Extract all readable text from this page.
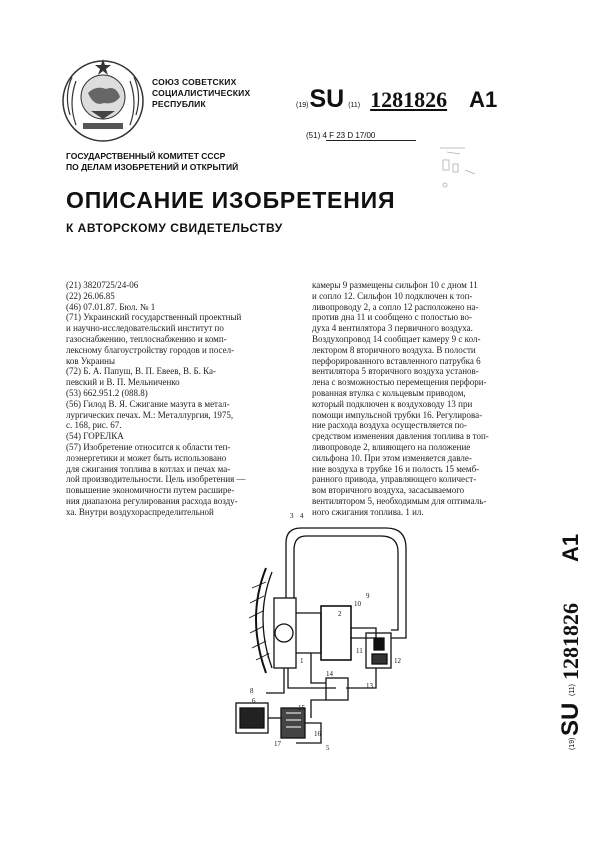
СОЮЗ СОВЕТСКИХ
СОЦИАЛИСТИЧЕСКИХ
РЕСПУБЛИК	(19) SU (11) 1281826 A1
(51) 4 F 23 D 17/00
ГОСУДАРСТВЕННЫЙ КОМИТЕТ СССР
ПО ДЕЛАМ ИЗОБРЕТЕНИЙ И ОТКРЫТИЙ
ОПИСАНИЕ ИЗОБРЕТЕНИЯ
К АВТОРСКОМУ СВИДЕТЕЛЬСТВУ
(21) 3820725/24-06
(22) 26.06.85
(46) 07.01.87. Бюл. № 1
(71) Украинский государственный проектный
и научно-исследовательский институт по
газоснабжению, теплоснабжению и комп-
лексному благоустройству городов и посел-
ков Украины
(72) Б. А. Папуш, В. П. Евеев, В. Б. Ка-
певский и В. П. Мельниченко
(53) 662.951.2 (088.8)
(56) Гилод В. Я. Сжигание мазута в метал-
лургических печах. М.: Металлургия, 1975,
с. 168, рис. 67.
(54) ГОРЕЛКА
(57) Изобретение относится к области теп-
лоэнергетики и может быть использовано
для сжигания топлива в котлах и печах ма-
лой производительности. Цель изобретения —
повышение экономичности путем расшире-
ния диапазона регулирования расхода возду-
ха. Внутри воздухораспределительной
камеры 9 размещены сильфон 10 с дном 11
и сопло 12. Сильфон 10 подключен к топ-
ливопроводу 2, а сопло 12 расположено на-
против дна 11 и сообщено с полостью во-
духа 4 вентилятора 3 первичного воздуха.
Воздухопровод 14 сообщает камеру 9 с кол-
лектором 8 вторичного воздуха. В полости
перфорированного вставленного патрубка 6
вентилятора 5 вторичного воздуха установ-
лена с возможностью перемещения перфори-
рованная втулка с кольцевым приводом,
который подключен к воздуховоду 13 при
помощи импульсной трубки 16. Регулирова-
ние расхода воздуха осуществляется по-
средством изменения давления топлива в топ-
ливопроводе 2, влияющего на положение
сильфона 10. При этом изменяется давле-
ние воздуха в трубке 16 и полость 15 мемб-
ранного привода, управляющего количест-
вом вторичного воздуха, засасываемого
вентилятором 5, необходимым для оптималь-
ного сжигания топлива. 1 ил.
(19)
SU
(11)
1281826
A1
4
3
9
10
11
12
13
1
8
7
6
14
15
16
17	5
2
